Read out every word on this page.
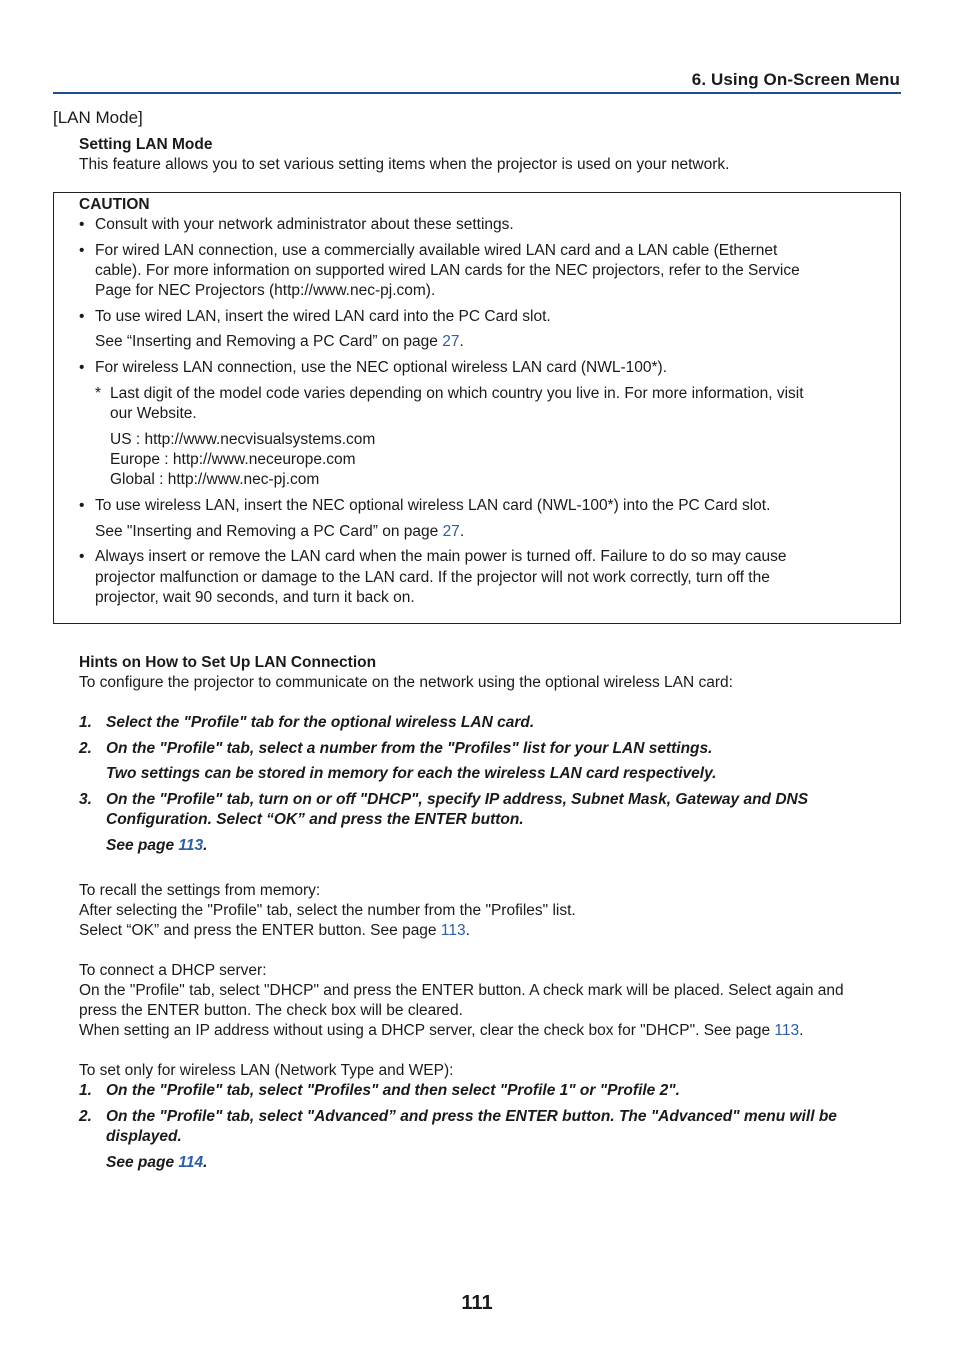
6. Using On-Screen Menu
[LAN Mode]
Setting LAN Mode
This feature allows you to set various setting items when the projector is used on your network.
CAUTION
• Consult with your network administrator about these settings.
• For wired LAN connection, use a commercially available wired LAN card and a LAN cable (Ethernet
cable). For more information on supported wired LAN cards for the NEC projectors, refer to the Service
Page for NEC Projectors (http://www.nec-pj.com).
• To use wired LAN, insert the wired LAN card into the PC Card slot.
See “Inserting and Removing a PC Card” on page 27.
• For wireless LAN connection, use the NEC optional wireless LAN card (NWL-100*).
* Last digit of the model code varies depending on which country you live in. For more information, visit
our Website.
US : http://www.necvisualsystems.com
Europe : http://www.neceurope.com
Global : http://www.nec-pj.com
• To use wireless LAN, insert the NEC optional wireless LAN card (NWL-100*) into the PC Card slot.
See "Inserting and Removing a PC Card” on page 27.
• Always insert or remove the LAN card when the main power is turned off. Failure to do so may cause
projector malfunction or damage to the LAN card. If the projector will not work correctly, turn off the
projector, wait 90 seconds, and turn it back on.
Hints on How to Set Up LAN Connection
To configure the projector to communicate on the network using the optional wireless LAN card:
1. Select the "Profile" tab for the optional wireless LAN card.
2. On the "Profile" tab, select a number from the "Profiles" list for your LAN settings.
Two settings can be stored in memory for each the wireless LAN card respectively.
3. On the "Profile" tab, turn on or off "DHCP", specify IP address, Subnet Mask, Gateway and DNS
Configuration. Select “OK” and press the ENTER button.
See page 113.
To recall the settings from memory:
After selecting the "Profile" tab, select the number from the "Profiles" list.
Select “OK” and press the ENTER button. See page 113.
To connect a DHCP server:
On the "Profile" tab, select "DHCP" and press the ENTER button. A check mark will be placed. Select again and
press the ENTER button. The check box will be cleared.
When setting an IP address without using a DHCP server, clear the check box for "DHCP". See page 113.
To set only for wireless LAN (Network Type and WEP):
1. On the "Profile" tab, select "Profiles" and then select "Profile 1" or "Profile 2".
2. On the "Profile" tab, select "Advanced” and press the ENTER button. The "Advanced" menu will be
displayed.
See page 114.
111
